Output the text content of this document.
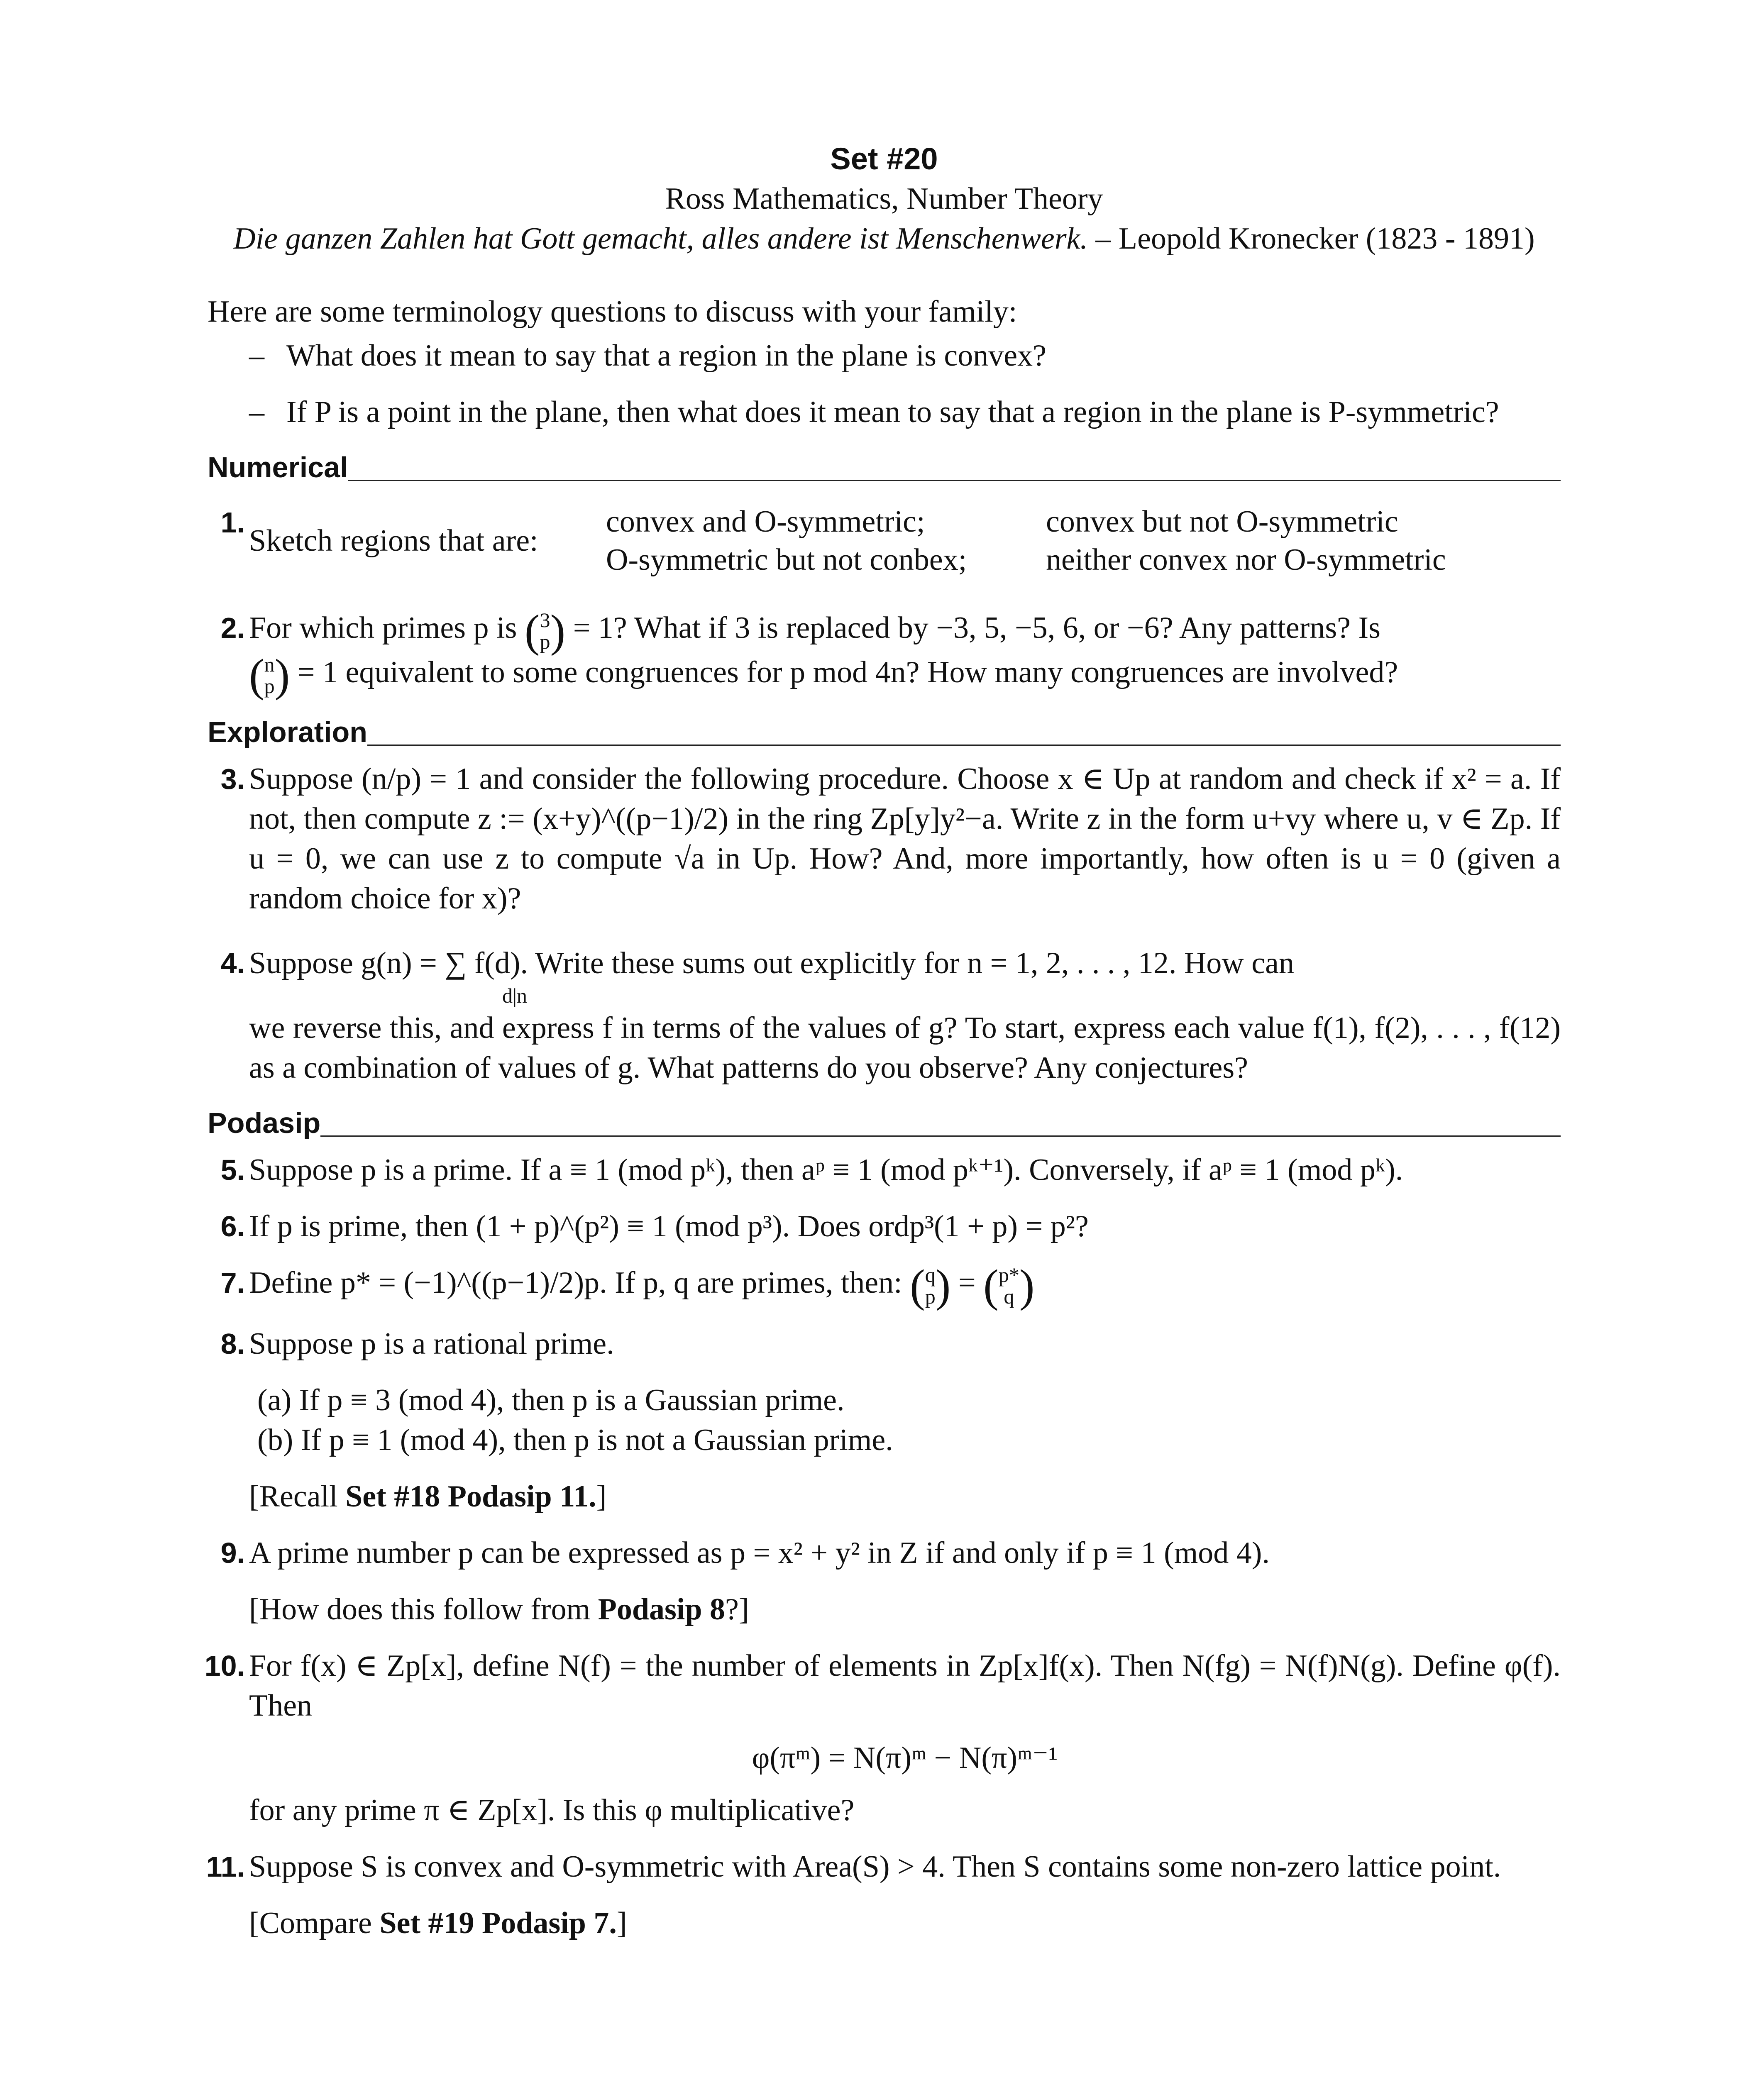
Set #20
Ross Mathematics, Number Theory
Die ganzen Zahlen hat Gott gemacht, alles andere ist Menschenwerk. – Leopold Kronecker (1823 - 1891)
Here are some terminology questions to discuss with your family:
– What does it mean to say that a region in the plane is convex?
– If P is a point in the plane, then what does it mean to say that a region in the plane is P-symmetric?
Numerical
1.
Sketch regions that are:
convex and O-symmetric;
O-symmetric but not conbex;
convex but not O-symmetric
neither convex nor O-symmetric
2. For which primes p is ( 3
p ) = 1? What if 3 is replaced by −3, 5, −5, 6, or −6? Any patterns? Is
( n
p ) = 1 equivalent to some congruences for p mod 4n? How many congruences are involved?
Exploration
3. Suppose (n/p) = 1 and consider the following procedure. Choose x ∈ Up at random and check if x² = a. If not, then compute z := (x+y)^((p−1)/2) in the ring Zp[y]y²−a. Write z in the form u+vy where u, v ∈ Zp. If u = 0, we can use z to compute √a in Up. How? And, more importantly, how often is u = 0 (given a random choice for x)?
4. Suppose g(n) = ∑ f(d). Write these sums out explicitly for n = 1, 2, . . . , 12. How can
d|n
we reverse this, and express f in terms of the values of g? To start, express each value f(1), f(2), . . . , f(12) as a combination of values of g. What patterns do you observe? Any conjectures?
Podasip
5. Suppose p is a prime. If a ≡ 1 (mod pᵏ), then aᵖ ≡ 1 (mod pᵏ⁺¹). Conversely, if aᵖ ≡ 1 (mod pᵏ).
6. If p is prime, then (1 + p)^(p²) ≡ 1 (mod p³). Does ordp³(1 + p) = p²?
7. Define p* = (−1)^((p−1)/2)p. If p, q are primes, then: ( q
p ) = ( p*
q )
8. Suppose p is a rational prime.
(a) If p ≡ 3 (mod 4), then p is a Gaussian prime.
(b) If p ≡ 1 (mod 4), then p is not a Gaussian prime.
[Recall Set #18 Podasip 11.]
9. A prime number p can be expressed as p = x² + y² in Z if and only if p ≡ 1 (mod 4).
[How does this follow from Podasip 8?]
10. For f(x) ∈ Zp[x], define N(f) = the number of elements in Zp[x]f(x). Then N(fg) = N(f)N(g). Define φ(f). Then
φ(πᵐ) = N(π)ᵐ − N(π)ᵐ⁻¹
for any prime π ∈ Zp[x]. Is this φ multiplicative?
11. Suppose S is convex and O-symmetric with Area(S) > 4. Then S contains some non-zero lattice point.
[Compare Set #19 Podasip 7.]
